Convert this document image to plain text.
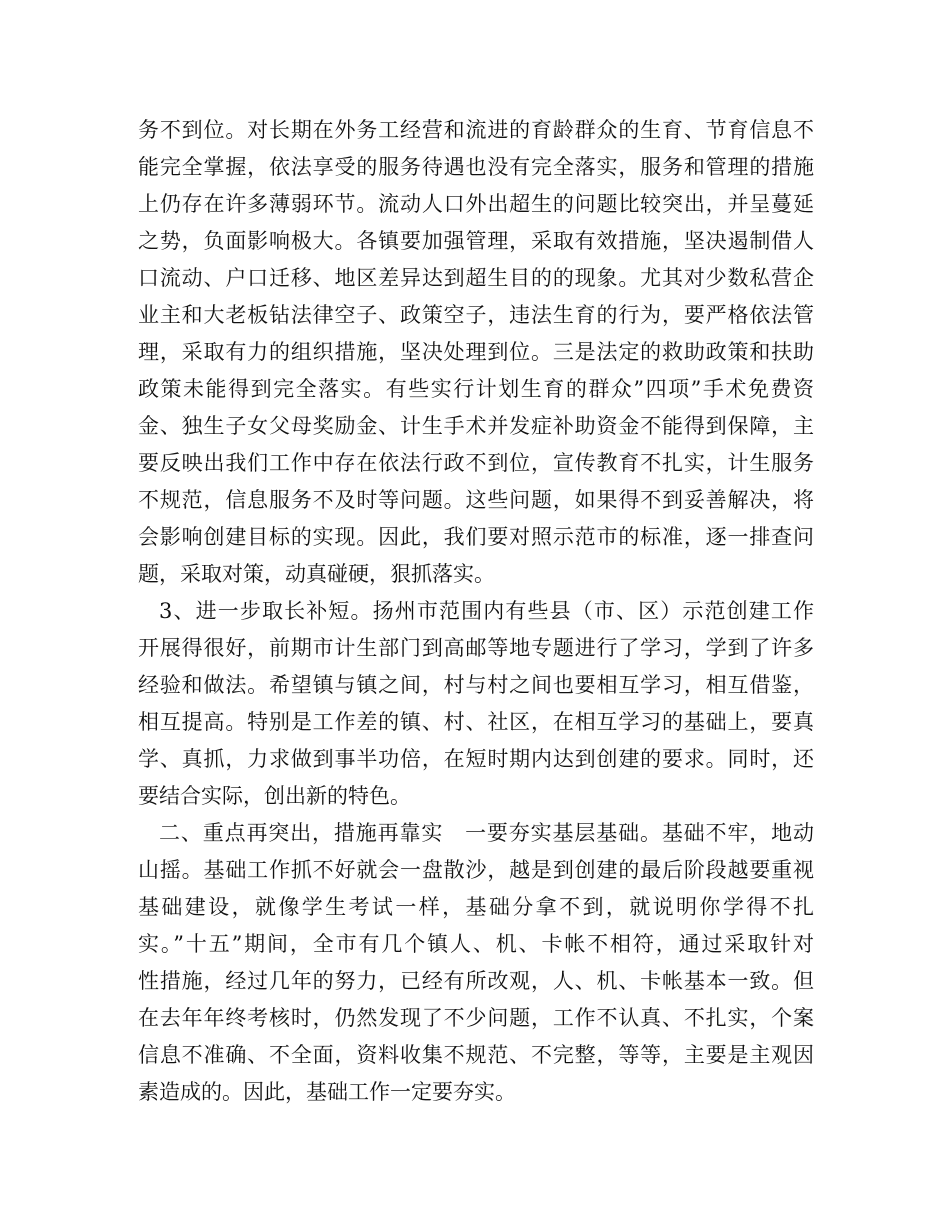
务不到位。对长期在外务工经营和流进的育龄群众的生育、节育信息不
能完全掌握，依法享受的服务待遇也没有完全落实，服务和管理的措施
上仍存在许多薄弱环节。流动人口外出超生的问题比较突出，并呈蔓延
之势，负面影响极大。各镇要加强管理，采取有效措施，坚决遏制借人
口流动、户口迁移、地区差异达到超生目的的现象。尤其对少数私营企
业主和大老板钻法律空子、政策空子，违法生育的行为，要严格依法管
理，采取有力的组织措施，坚决处理到位。三是法定的救助政策和扶助
政策未能得到完全落实。有些实行计划生育的群众”四项”手术免费资
金、独生子女父母奖励金、计生手术并发症补助资金不能得到保障，主
要反映出我们工作中存在依法行政不到位，宣传教育不扎实，计生服务
不规范，信息服务不及时等问题。这些问题，如果得不到妥善解决，将
会影响创建目标的实现。因此，我们要对照示范市的标准，逐一排查问
题，采取对策，动真碰硬，狠抓落实。
3、进一步取长补短。扬州市范围内有些县（市、区）示范创建工作
开展得很好，前期市计生部门到高邮等地专题进行了学习，学到了许多
经验和做法。希望镇与镇之间，村与村之间也要相互学习，相互借鉴，
相互提高。特别是工作差的镇、村、社区，在相互学习的基础上，要真
学、真抓，力求做到事半功倍，在短时期内达到创建的要求。同时，还
要结合实际，创出新的特色。
二、重点再突出，措施再靠实　一要夯实基层基础。基础不牢，地动
山摇。基础工作抓不好就会一盘散沙，越是到创建的最后阶段越要重视
基础建设，就像学生考试一样，基础分拿不到，就说明你学得不扎
实。”十五”期间，全市有几个镇人、机、卡帐不相符，通过采取针对
性措施，经过几年的努力，已经有所改观，人、机、卡帐基本一致。但
在去年年终考核时，仍然发现了不少问题，工作不认真、不扎实，个案
信息不准确、不全面，资料收集不规范、不完整，等等，主要是主观因
素造成的。因此，基础工作一定要夯实。
